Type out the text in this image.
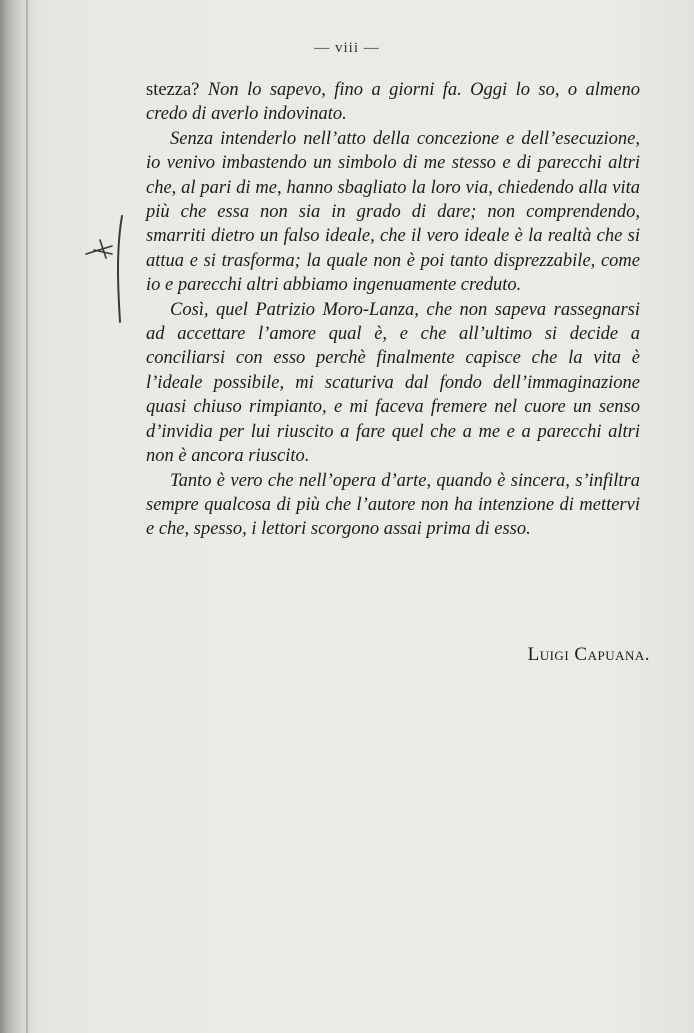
— viii —

stezza? Non lo sapevo, fino a giorni fa. Oggi lo so, o almeno credo di averlo indovinato.

Senza intenderlo nell’atto della concezione e dell’esecuzione, io venivo imbastendo un simbolo di me stesso e di parecchi altri che, al pari di me, hanno sbagliato la loro via, chiedendo alla vita più che essa non sia in grado di dare; non comprendendo, smarriti dietro un falso ideale, che il vero ideale è la realtà che si attua e si trasforma; la quale non è poi tanto disprezzabile, come io e parecchi altri abbiamo ingenuamente creduto.

Così, quel Patrizio Moro-Lanza, che non sapeva rassegnarsi ad accettare l’amore qual è, e che all’ultimo si decide a conciliarsi con esso perchè finalmente capisce che la vita è l’ideale possibile, mi scaturiva dal fondo dell’immaginazione quasi chiuso rimpianto, e mi faceva fremere nel cuore un senso d’invidia per lui riuscito a fare quel che a me e a parecchi altri non è ancora riuscito.

Tanto è vero che nell’opera d’arte, quando è sincera, s’infiltra sempre qualcosa di più che l’autore non ha intenzione di mettervi e che, spesso, i lettori scorgono assai prima di esso.

Luigi Capuana.
